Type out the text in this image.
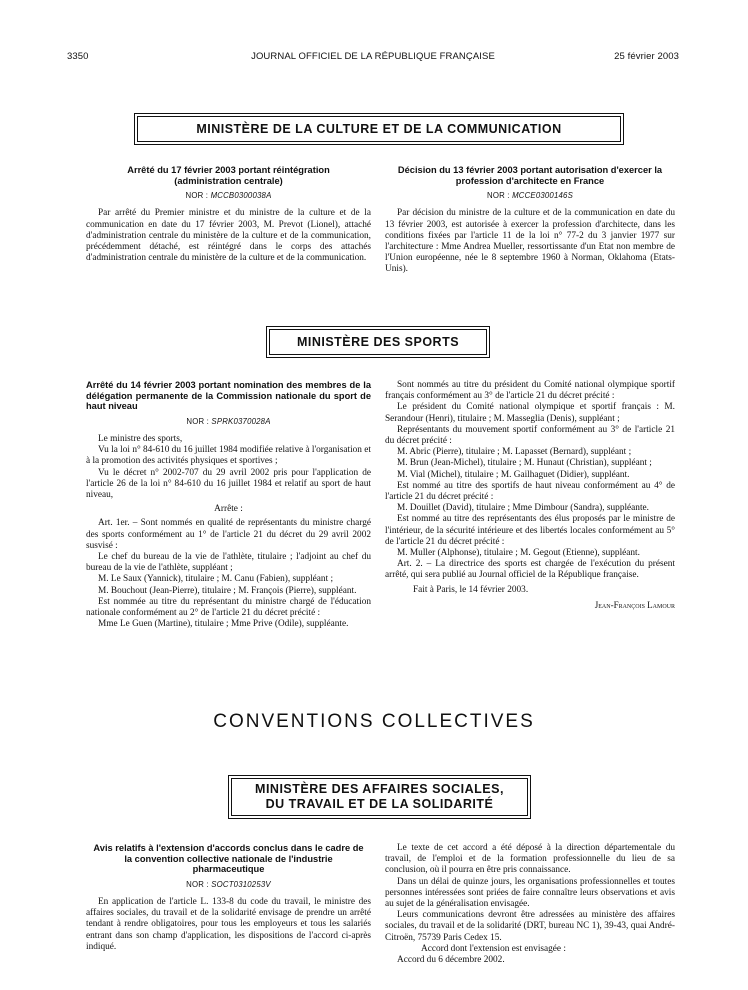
3350	JOURNAL OFFICIEL DE LA RÉPUBLIQUE FRANÇAISE	25 février 2003
MINISTÈRE DE LA CULTURE ET DE LA COMMUNICATION
Arrêté du 17 février 2003 portant réintégration (administration centrale)
NOR : MCCB0300038A

Par arrêté du Premier ministre et du ministre de la culture et de la communication en date du 17 février 2003, M. Prevot (Lionel), attaché d'administration centrale du ministère de la culture et de la communication, précédemment détaché, est réintégré dans le corps des attachés d'administration centrale du ministère de la culture et de la communication.

Décision du 13 février 2003 portant autorisation d'exercer la profession d'architecte en France
NOR : MCCE0300146S

Par décision du ministre de la culture et de la communication en date du 13 février 2003, est autorisée à exercer la profession d'architecte, dans les conditions fixées par l'article 11 de la loi n° 77-2 du 3 janvier 1977 sur l'architecture : Mme Andrea Mueller, ressortissante d'un Etat non membre de l'Union européenne, née le 8 septembre 1960 à Norman, Oklahoma (Etats-Unis).

MINISTÈRE DES SPORTS
Arrêté du 14 février 2003 portant nomination des membres de la délégation permanente de la Commission nationale du sport de haut niveau
NOR : SPRK0370028A

Le ministre des sports,

Vu la loi n° 84-610 du 16 juillet 1984 modifiée relative à l'organisation et à la promotion des activités physiques et sportives ;

Vu le décret n° 2002-707 du 29 avril 2002 pris pour l'application de l'article 26 de la loi n° 84-610 du 16 juillet 1984 et relatif au sport de haut niveau,

Arrête :

Art. 1er. – Sont nommés en qualité de représentants du ministre chargé des sports conformément au 1° de l'article 21 du décret du 29 avril 2002 susvisé :

Le chef du bureau de la vie de l'athlète, titulaire ; l'adjoint au chef du bureau de la vie de l'athlète, suppléant ;

M. Le Saux (Yannick), titulaire ; M. Canu (Fabien), suppléant ;

M. Bouchout (Jean-Pierre), titulaire ; M. François (Pierre), suppléant.

Est nommée au titre du représentant du ministre chargé de l'éducation nationale conformément au 2° de l'article 21 du décret précité :

Mme Le Guen (Martine), titulaire ; Mme Prive (Odile), suppléante.

Sont nommés au titre du président du Comité national olympique sportif français conformément au 3° de l'article 21 du décret précité :

Le président du Comité national olympique et sportif français : M. Serandour (Henri), titulaire ; M. Masseglia (Denis), suppléant ;

Représentants du mouvement sportif conformément au 3° de l'article 21 du décret précité :

M. Abric (Pierre), titulaire ; M. Lapasset (Bernard), suppléant ;

M. Brun (Jean-Michel), titulaire ; M. Hunaut (Christian), suppléant ;

M. Vial (Michel), titulaire ; M. Gailhaguet (Didier), suppléant.

Est nommé au titre des sportifs de haut niveau conformément au 4° de l'article 21 du décret précité :

M. Douillet (David), titulaire ; Mme Dimbour (Sandra), suppléante.

Est nommé au titre des représentants des élus proposés par le ministre de l'intérieur, de la sécurité intérieure et des libertés locales conformément au 5° de l'article 21 du décret précité :

M. Muller (Alphonse), titulaire ; M. Gegout (Etienne), suppléant.

Art. 2. – La directrice des sports est chargée de l'exécution du présent arrêté, qui sera publié au Journal officiel de la République française.

Fait à Paris, le 14 février 2003.

Jean-François Lamour
CONVENTIONS COLLECTIVES
MINISTÈRE DES AFFAIRES SOCIALES,
DU TRAVAIL ET DE LA SOLIDARITÉ
Avis relatifs à l'extension d'accords conclus dans le cadre de la convention collective nationale de l'industrie pharmaceutique
NOR : SOCT0310253V

En application de l'article L. 133-8 du code du travail, le ministre des affaires sociales, du travail et de la solidarité envisage de prendre un arrêté tendant à rendre obligatoires, pour tous les employeurs et tous les salariés entrant dans son champ d'application, les dispositions de l'accord ci-après indiqué.

Le texte de cet accord a été déposé à la direction départementale du travail, de l'emploi et de la formation professionnelle du lieu de sa conclusion, où il pourra en être pris connaissance.

Dans un délai de quinze jours, les organisations professionnelles et toutes personnes intéressées sont priées de faire connaître leurs observations et avis au sujet de la généralisation envisagée.

Leurs communications devront être adressées au ministère des affaires sociales, du travail et de la solidarité (DRT, bureau NC 1), 39-43, quai André-Citroën, 75739 Paris Cedex 15.

Accord dont l'extension est envisagée :

Accord du 6 décembre 2002.
